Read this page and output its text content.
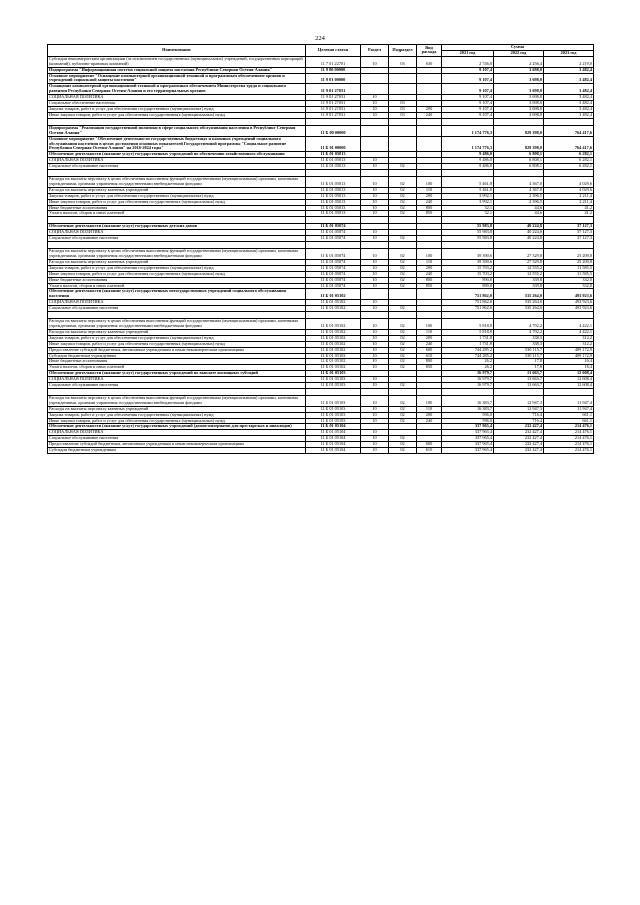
224
Наименование	Целевая статья	Раздел	Подраздел	Вид расхода	Сумма		
					2021 год	2022 год	2023 год
Субсидии некоммерческим организациям (за исключением государственных (муниципальных) учреждений, государственных корпораций (компаний), публично-правовых компаний)	11 7 01 22701	10	03	630	2 746,0	2 256,4	2 219,0
Подпрограмма "Информационная система социальной защиты населения Республики Северная Осетия-Алания"	11 9 00 00000				9 107,4	3 698,0	3 482,4
Основное мероприятие "Оснащение компьютерной организационной техникой и программным обеспечением органов и учреждений социальной защиты населения"	11 9 01 00000				9 107,4	3 698,0	3 482,4
Оснащение компьютерной организационной техникой и программным обеспечением Министерства труда и социального развития Республики Северная Осетия-Алания и его территориальных органов	11 9 01 27031				9 107,4	3 698,0	3 482,4
СОЦИАЛЬНАЯ ПОЛИТИКА	11 9 01 27031	10			9 107,4	3 698,0	3 482,4
Социальное обеспечение населения	11 9 01 27031	10	03		9 107,4	3 698,0	3 482,4
Закупка товаров, работ и услуг для обеспечения государственных (муниципальных) нужд	11 9 01 27031	10	03	200	9 107,4	3 698,0	3 482,4
Иные закупки товаров, работ и услуг для обеспечения государственных (муниципальных) нужд	11 9 01 27031	10	03	240	9 107,4	3 698,0	3 482,4

Подпрограмма "Реализация государственной политики в сфере социального обслуживания населения в Республике Северная Осетия-Алания"	11 Б 00 00000				1 174 776,3	829 398,0	764 417,6
Основное мероприятие "Обеспечение деятельности государственных бюджетных и казенных учреждений социального обслуживания населения в целях достижения основных показателей Государственной программы "Социальное развитие Республики Северная Осетия-Алания" на 2016-2024 годы"	11 Б 01 00000				1 174 776,3	829 398,0	764 417,6
Обеспечение деятельности (оказание услуг) государственных учреждений по обеспечению хозяйственного обслуживания	11 Б 01 05013				9 486,0	6 808,1	6 282,1
СОЦИАЛЬНАЯ ПОЛИТИКА	11 Б 01 05013	10			9 486,0	6 808,1	6 282,1
Социальное обслуживание населения	11 Б 01 05013	10	02		9 486,0	6 808,1	6 282,1

Расходы на выплаты персоналу в целях обеспечения выполнения функций государственными (муниципальными) органами, казенными учреждениями, органами управления государственными внебюджетными фондами	11 Б 01 05013	10	02	100	5 461,8	4 367,0	4 029,6
Расходы на выплаты персоналу казенных учреждений	11 Б 01 05013	10	02	110	5 461,8	4 367,0	4 029,6
Закупка товаров, работ и услуг для обеспечения государственных (муниципальных) нужд	11 Б 01 05013	10	02	200	3 992,1	2 396,5	2 211,4
Иные закупки товаров, работ и услуг для обеспечения государственных (муниципальных) нужд	11 Б 01 05013	10	02	240	3 992,1	2 396,5	2 211,4
Иные бюджетные ассигнования	11 Б 01 05013	10	02	800	32,1	44,6	41,2
Уплата налогов, сборов и иных платежей	11 Б 01 05013	10	02	850	32,1	44,6	41,2

Обеспечение деятельности (оказание услуг) государственных детских домов	11 Б 01 05074				55 983,8	40 224,8	37 127,3
СОЦИАЛЬНАЯ ПОЛИТИКА	11 Б 01 05074	10			55 983,8	40 224,8	37 127,3
Социальное обслуживание населения	11 Б 01 05074	10	02		55 983,8	40 224,8	37 127,3

Расходы на выплаты персоналу в целях обеспечения выполнения функций государственными (муниципальными) органами, казенными учреждениями, органами управления государственными внебюджетными фондами	11 Б 01 05074	10	02	100	39 390,6	27 329,8	25 209,8
Расходы на выплаты персоналу казенных учреждений	11 Б 01 05074	10	02	110	39 390,6	27 329,8	25 209,8
Закупка товаров, работ и услуг для обеспечения государственных (муниципальных) нужд	11 Б 01 05074	10	02	200	15 703,2	12 555,2	11 585,5
Иные закупки товаров, работ и услуг для обеспечения государственных (муниципальных) нужд	11 Б 01 05074	10	02	240	15 703,2	12 555,2	11 585,5
Иные бюджетные ассигнования	11 Б 01 05074	10	02	800	890,0	339,8	332,0
Уплата налогов, сборов и иных платежей	11 Б 01 05074	10	02	850	890,0	339,8	332,0
Обеспечение деятельности (оказание услуг) государственных негосударственных учреждений социального обслуживания населения	11 Б 01 05102				751 862,0	535 264,0	493 923,6
СОЦИАЛЬНАЯ ПОЛИТИКА	11 Б 01 05102	10			751 862,0	535 264,0	493 923,6
Социальное обслуживание населения	11 Б 01 05102	10	02		751 862,0	535 264,0	493 923,6

Расходы на выплаты персоналу в целях обеспечения выполнения функций государственными (муниципальными) органами, казенными учреждениями, органами управления государственными внебюджетными фондами	11 Б 01 05102	10	02	100	5 818,8	4 792,2	4 422,1
Расходы на выплаты персоналу казенных учреждений	11 Б 01 05102	10	02	110	5 818,8	4 792,2	4 422,1
Закупка товаров, работ и услуг для обеспечения государственных (муниципальных) нужд	11 Б 01 05102	10	02	200	1 731,8	338,3	312,2
Иные закупки товаров, работ и услуг для обеспечения государственных (муниципальных) нужд	11 Б 01 05102	10	02	240	1 731,8	338,3	312,2
Предоставление субсидий бюджетным, автономным учреждениям и иным некоммерческим организациям	11 Б 01 05102	10	02	600	744 285,2	530 115,7	489 172,9
Субсидии бюджетным учреждениям	11 Б 01 05102	10	02	610	744 285,2	530 115,7	489 172,9
Иные бюджетные ассигнования	11 Б 01 05102	10	02	800	26,2	17,8	16,4
Уплата налогов, сборов и иных платежей	11 Б 01 05102	10	02	850	26,2	17,8	16,4
Обеспечение деятельности (оказание услуг) государственных учреждений по выплате жилищных субсидий	11 Б 01 05103				16 979,7	13 663,7	12 608,4
СОЦИАЛЬНАЯ ПОЛИТИКА	11 Б 01 05103	10			16 979,7	13 663,7	12 608,4
Социальное обслуживание населения	11 Б 01 05103	10	02		16 979,7	13 663,7	12 608,4

Расходы на выплаты персоналу в целях обеспечения выполнения функций государственными (муниципальными) органами, казенными учреждениями, органами управления государственными внебюджетными фондами	11 Б 01 05103	10	02	100	16 383,7	12 947,3	11 947,4
Расходы на выплаты персоналу казенных учреждений	11 Б 01 05103	10	02	110	16 383,7	12 947,3	11 947,4
Закупка товаров, работ и услуг для обеспечения государственных (муниципальных) нужд	11 Б 01 05103	10	02	200	596,0	716,4	661,1
Иные закупки товаров, работ и услуг для обеспечения государственных (муниципальных) нужд	11 Б 01 05103	10	02	240	596,0	716,4	661,1
Обеспечение деятельности (оказание услуг) государственных учреждений (домов-интернатов для престарелых и инвалидов)	11 Б 01 05104				337 965,4	232 427,4	214 476,1
СОЦИАЛЬНАЯ ПОЛИТИКА	11 Б 01 05104	10			337 965,4	232 427,4	214 476,1
Социальное обслуживание населения	11 Б 01 05104	10	02		337 965,4	232 427,4	214 476,1
Предоставление субсидий бюджетным, автономным учреждениям и иным некоммерческим организациям	11 Б 01 05104	10	02	600	337 965,4	232 427,4	214 476,1
Субсидии бюджетным учреждениям	11 Б 01 05104	10	02	610	337 965,4	232 427,4	214 476,1
